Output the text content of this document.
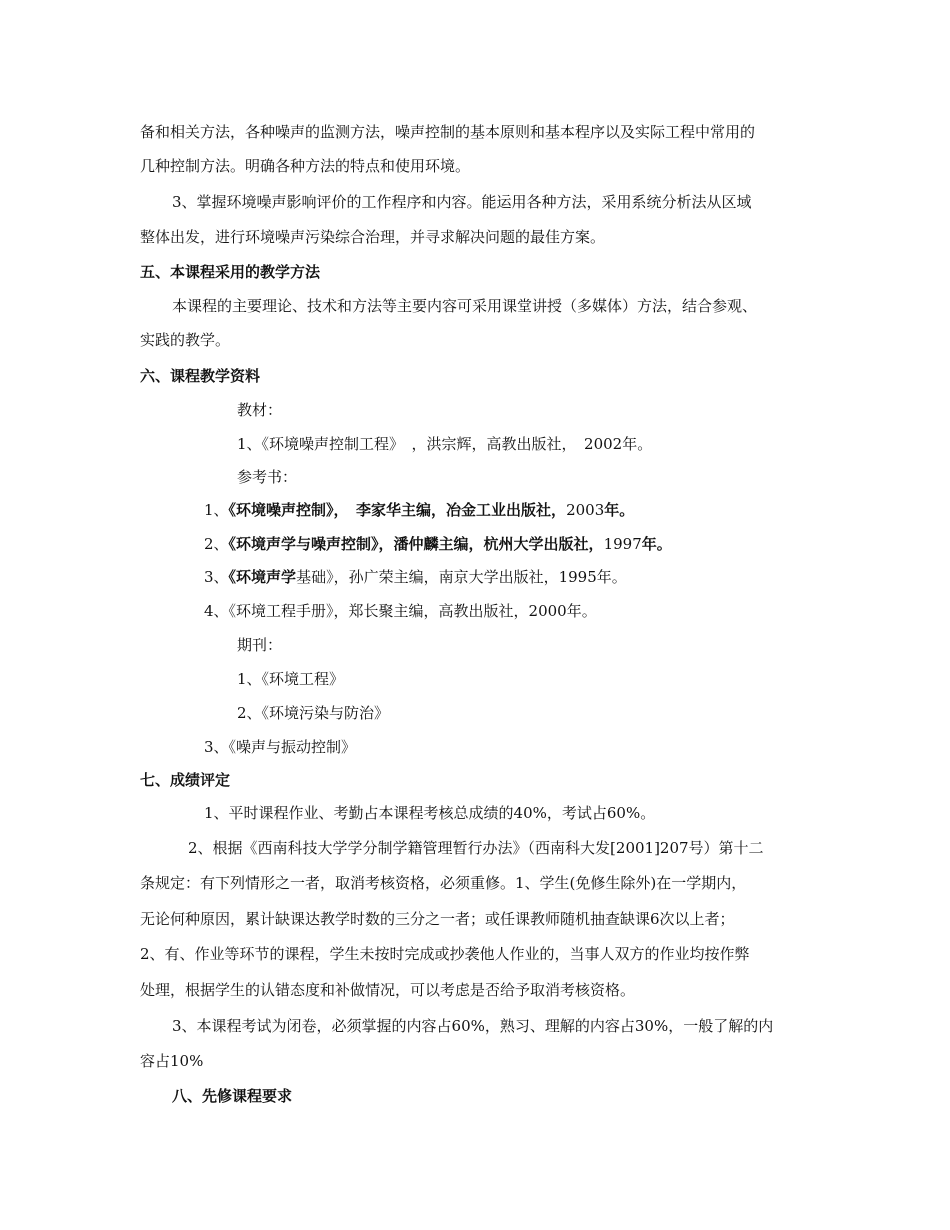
备和相关方法，各种噪声的监测方法，噪声控制的基本原则和基本程序以及实际工程中常用的
几种控制方法。明确各种方法的特点和使用环境。
3、掌握环境噪声影响评价的工作程序和内容。能运用各种方法，采用系统分析法从区域
整体出发，进行环境噪声污染综合治理，并寻求解决问题的最佳方案。
五、本课程采用的教学方法
本课程的主要理论、技术和方法等主要内容可采用课堂讲授（多媒体）方法，结合参观、
实践的教学。
六、课程教学资料
教材：
1、《环境噪声控制工程》　，洪宗辉，高教出版社，　2002年。
参考书：
1、《环境噪声控制》，　李家华主编，冶金工业出版社，2003年。
2、《环境声学与噪声控制》，潘仲麟主编，杭州大学出版社，1997年。
3、《环境声学基础》，孙广荣主编，南京大学出版社，1995年。
4、《环境工程手册》，郑长聚主编，高教出版社，2000年。
期刊：
1、《环境工程》
2、《环境污染与防治》
3、《噪声与振动控制》
七、成绩评定
1、平时课程作业、考勤占本课程考核总成绩的40%，考试占60%。
2、根据《西南科技大学学分制学籍管理暂行办法》（西南科大发[2001]207号）第十二
条规定：有下列情形之一者，取消考核资格，必须重修。1、学生(免修生除外)在一学期内，
无论何种原因，累计缺课达教学时数的三分之一者；或任课教师随机抽查缺课6次以上者；
2、有、作业等环节的课程，学生未按时完成或抄袭他人作业的，当事人双方的作业均按作弊
处理，根据学生的认错态度和补做情况，可以考虑是否给予取消考核资格。
3、本课程考试为闭卷，必须掌握的内容占60%，熟习、理解的内容占30%，一般了解的内
容占10%
八、先修课程要求
